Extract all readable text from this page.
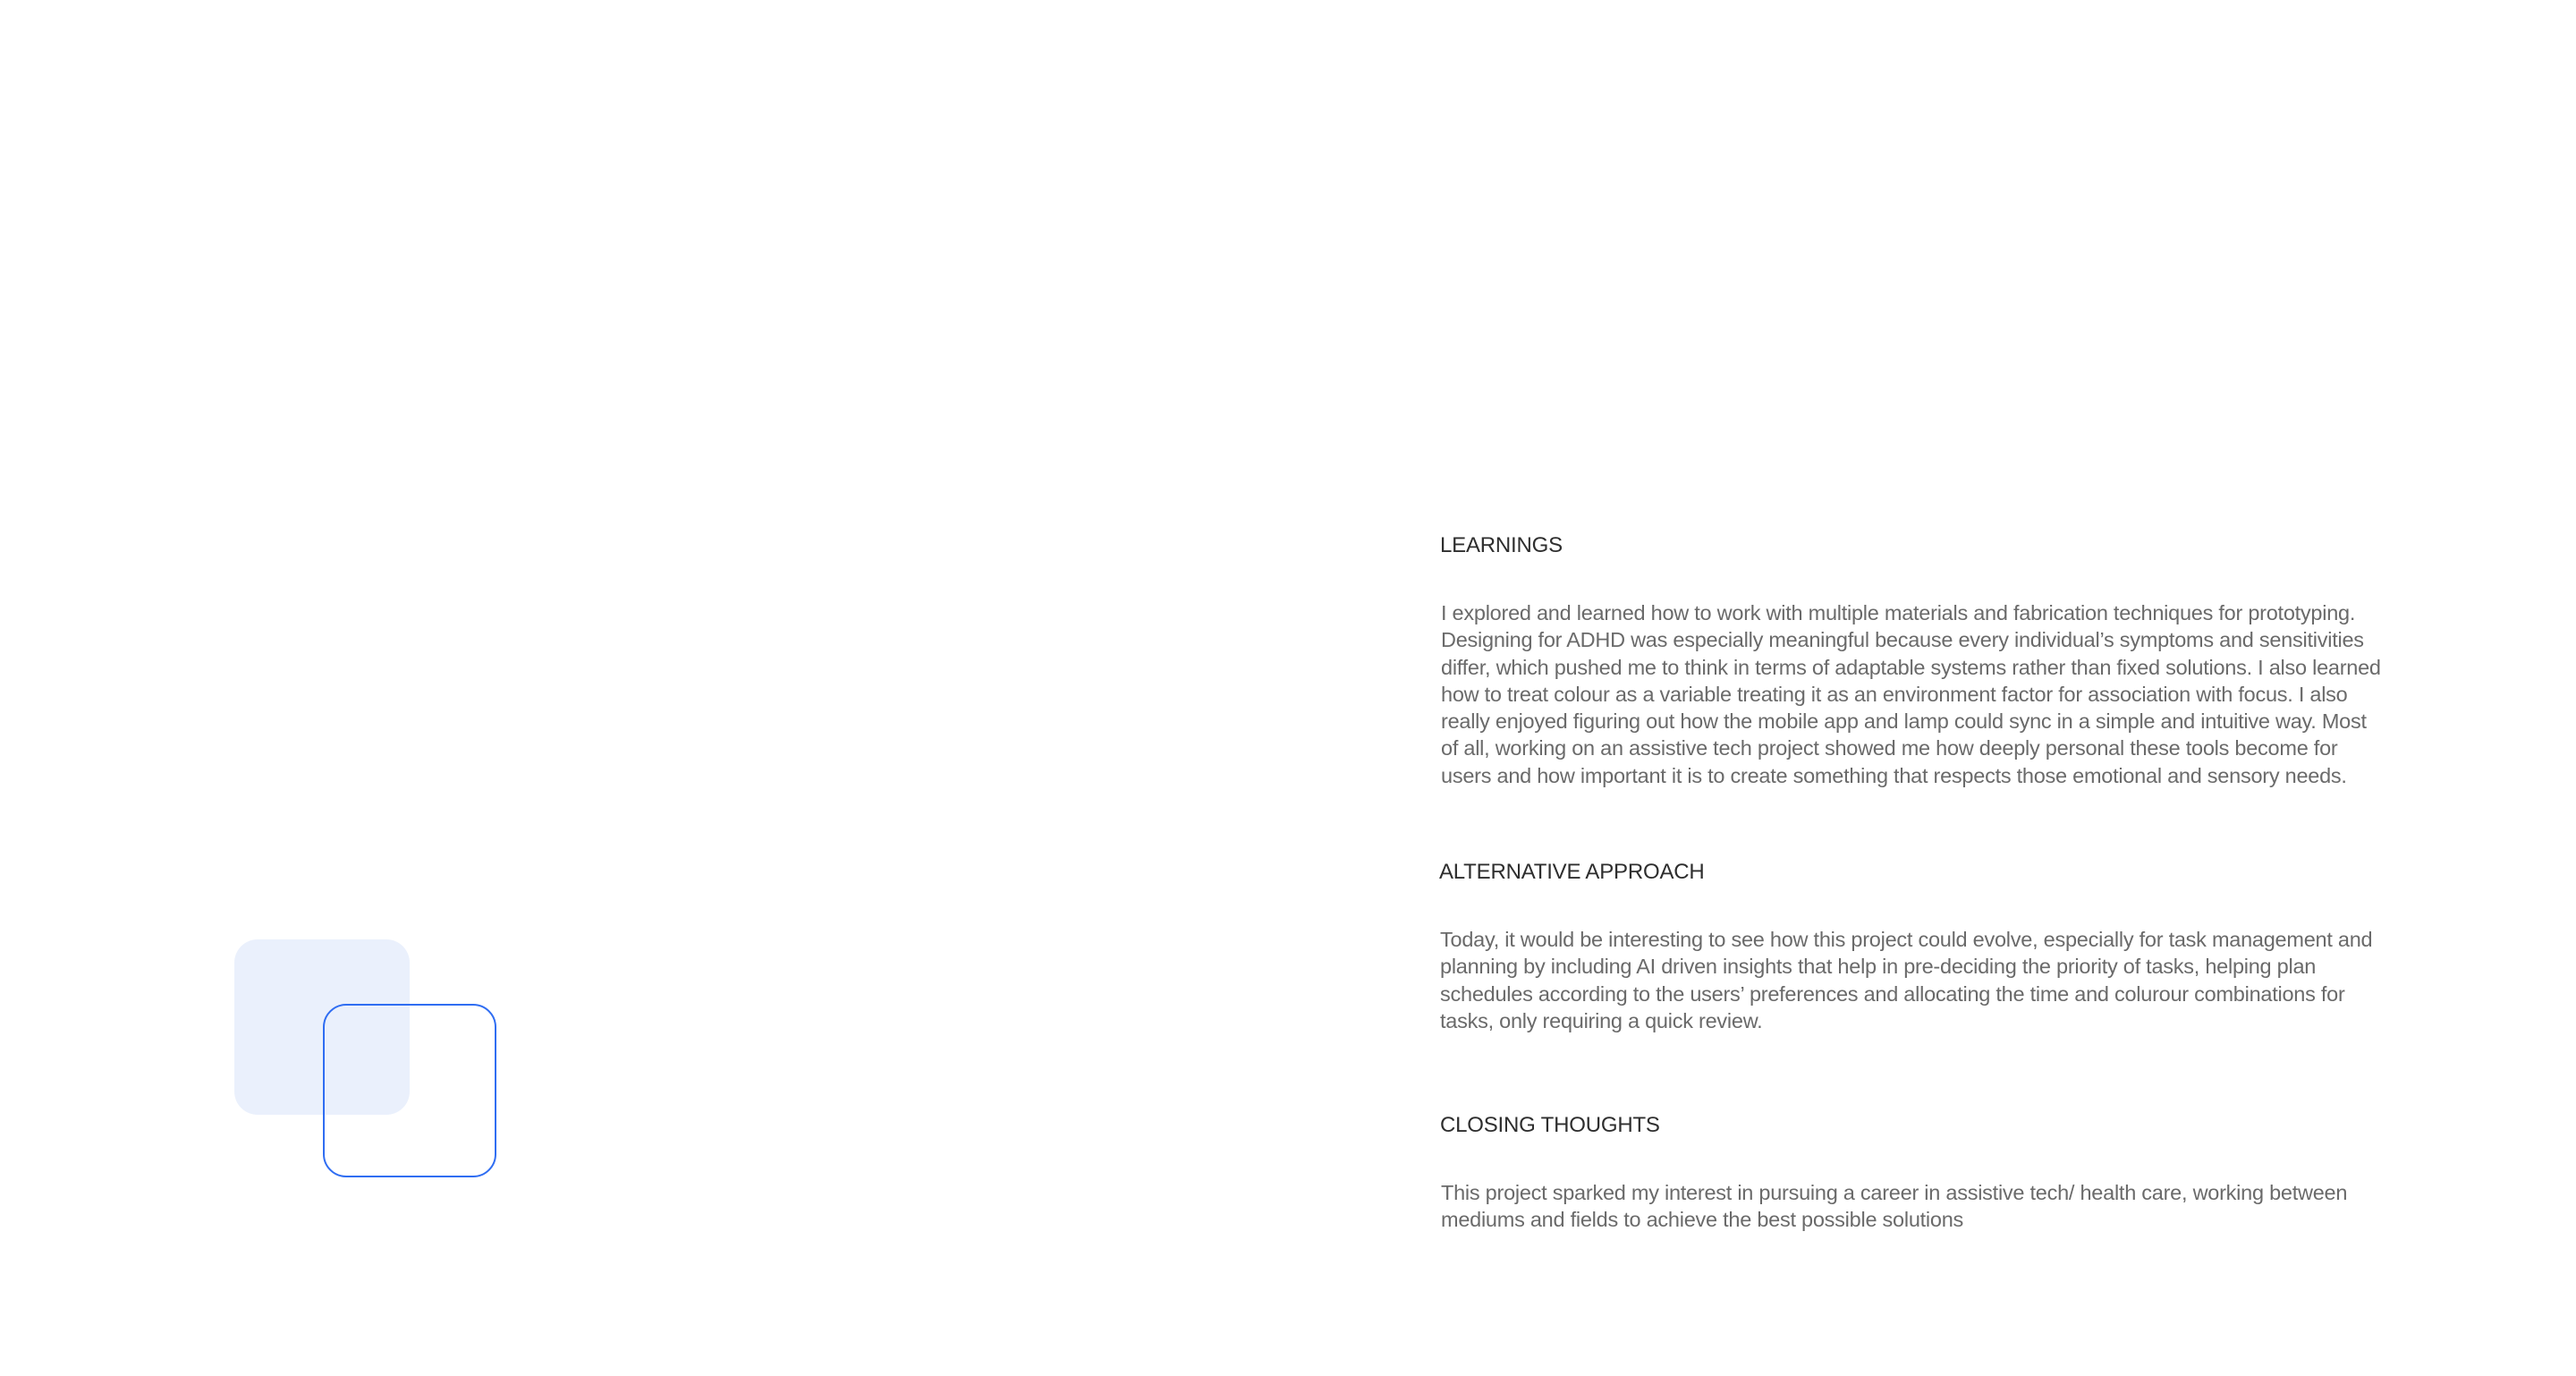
LEARNINGS

I explored and learned how to work with multiple materials and fabrication techniques for prototyping. Designing for ADHD was especially meaningful because every individual’s symptoms and sensitivities differ, which pushed me to think in terms of adaptable systems rather than fixed solutions. I also learned how to treat colour as a variable treating it as an environment factor for association with focus. I also really enjoyed figuring out how the mobile app and lamp could sync in a simple and intuitive way. Most of all, working on an assistive tech project showed me how deeply personal these tools become for users and how important it is to create something that respects those emotional and sensory needs.

ALTERNATIVE APPROACH

Today, it would be interesting to see how this project could evolve, especially for task management and planning by including AI driven insights that help in pre-deciding the priority of tasks, helping plan schedules according to the users’ preferences and allocating the time and colurour combinations for tasks, only requiring a quick review.

CLOSING THOUGHTS

This project sparked my interest in pursuing a career in assistive tech/ health care, working between mediums and fields to achieve the best possible solutions
